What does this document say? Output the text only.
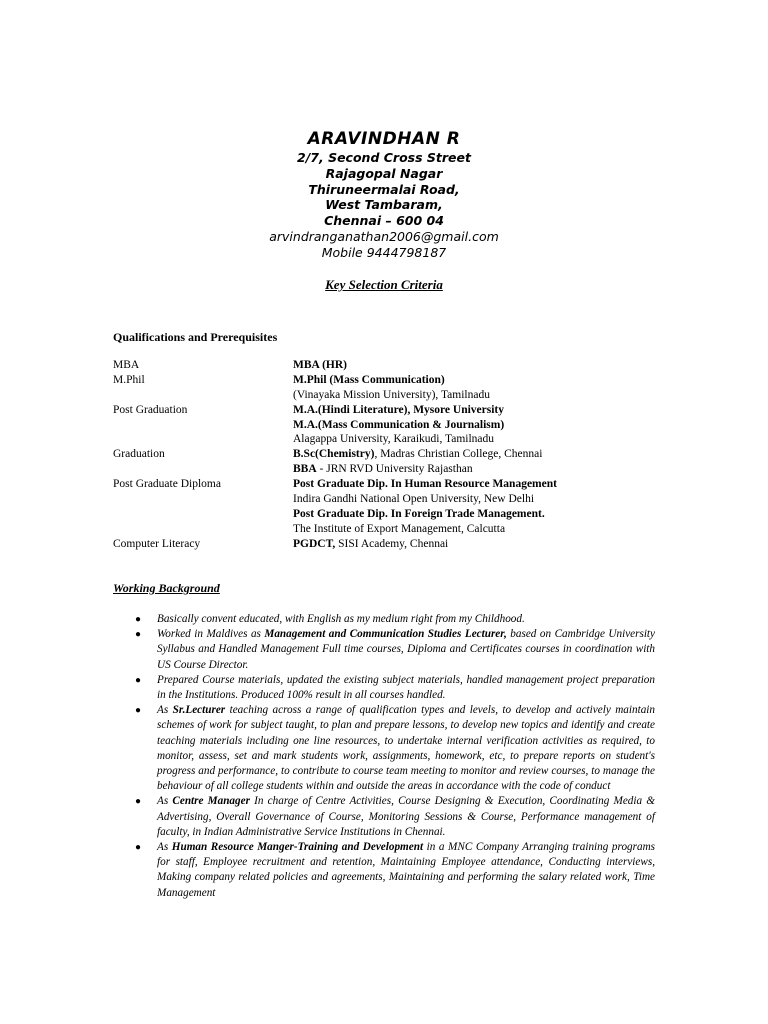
ARAVINDHAN R
2/7, Second Cross Street
Rajagopal Nagar
Thiruneermalai Road,
West Tambaram,
Chennai – 600 04
arvindranganathan2006@gmail.com
Mobile 9444798187
Key Selection Criteria
Qualifications and Prerequisites
MBA	MBA (HR)
M.Phil	M.Phil (Mass Communication)
(Vinayaka Mission University), Tamilnadu
Post Graduation	M.A.(Hindi Literature), Mysore University
M.A.(Mass Communication & Journalism)
Alagappa University, Karaikudi, Tamilnadu
Graduation	B.Sc(Chemistry), Madras Christian College, Chennai
BBA - JRN RVD University Rajasthan
Post Graduate Diploma	Post Graduate Dip. In Human Resource Management
Indira Gandhi National Open University, New Delhi
Post Graduate Dip. In Foreign Trade Management.
The Institute of Export Management, Calcutta
Computer Literacy	PGDCT, SISI Academy, Chennai
Working Background
● Basically convent educated, with English as my medium right from my Childhood.
● Worked in Maldives as Management and Communication Studies Lecturer, based on Cambridge University Syllabus and Handled Management Full time courses, Diploma and Certificates courses in coordination with US Course Director.
● Prepared Course materials, updated the existing subject materials, handled management project preparation in the Institutions. Produced 100% result in all courses handled.
● As Sr.Lecturer teaching across a range of qualification types and levels, to develop and actively maintain schemes of work for subject taught, to plan and prepare lessons, to develop new topics and identify and create teaching materials including one line resources, to undertake internal verification activities as required, to monitor, assess, set and mark students work, assignments, homework, etc, to prepare reports on student's progress and performance, to contribute to course team meeting to monitor and review courses, to manage the behaviour of all college students within and outside the areas in accordance with the code of conduct
● As Centre Manager In charge of Centre Activities, Course Designing & Execution, Coordinating Media & Advertising, Overall Governance of Course, Monitoring Sessions & Course, Performance management of faculty, in Indian Administrative Service Institutions in Chennai.
● As Human Resource Manger-Training and Development in a MNC Company Arranging training programs for staff, Employee recruitment and retention, Maintaining Employee attendance, Conducting interviews, Making company related policies and agreements, Maintaining and performing the salary related work, Time Management
